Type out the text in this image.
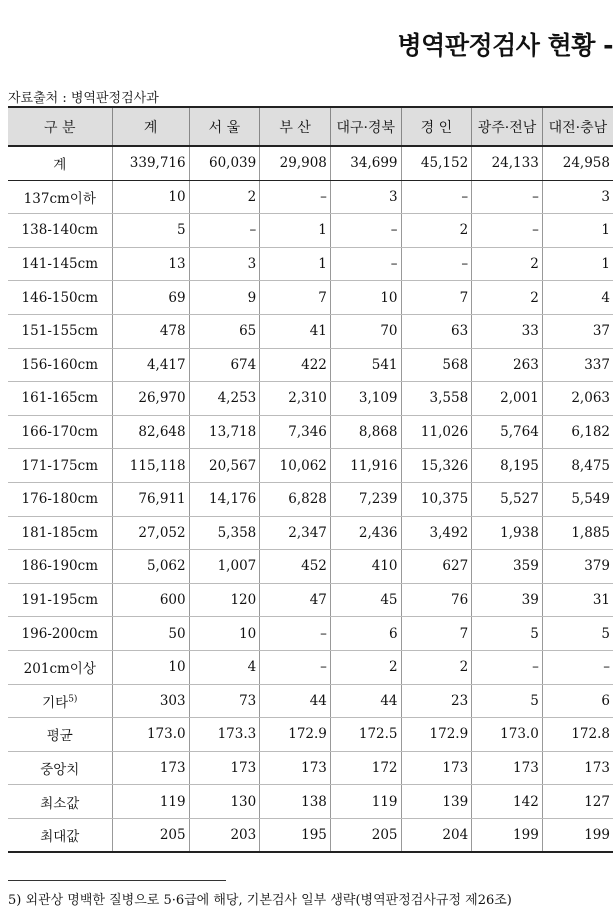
병역판정검사 현황 -
자료출처 : 병역판정검사과
구 분	계	서 울	부 산	대구·경북	경 인	광주·전남	대전·충남
계	339,716	60,039	29,908	34,699	45,152	24,133	24,958
137cm이하	10	2	–	3	–	–	3
138-140cm	5	–	1	–	2	–	1
141-145cm	13	3	1	–	–	2	1
146-150cm	69	9	7	10	7	2	4
151-155cm	478	65	41	70	63	33	37
156-160cm	4,417	674	422	541	568	263	337
161-165cm	26,970	4,253	2,310	3,109	3,558	2,001	2,063
166-170cm	82,648	13,718	7,346	8,868	11,026	5,764	6,182
171-175cm	115,118	20,567	10,062	11,916	15,326	8,195	8,475
176-180cm	76,911	14,176	6,828	7,239	10,375	5,527	5,549
181-185cm	27,052	5,358	2,347	2,436	3,492	1,938	1,885
186-190cm	5,062	1,007	452	410	627	359	379
191-195cm	600	120	47	45	76	39	31
196-200cm	50	10	–	6	7	5	5
201cm이상	10	4	–	2	2	–	–
기타$^{5)}$	303	73	44	44	23	5	6
평균	173.0	173.3	172.9	172.5	172.9	173.0	172.8
중앙치	173	173	173	172	173	173	173
최소값	119	130	138	119	139	142	127
최대값	205	203	195	205	204	199	199
5) 외관상 명백한 질병으로 5·6급에 해당, 기본검사 일부 생략(병역판정검사규정 제26조)
